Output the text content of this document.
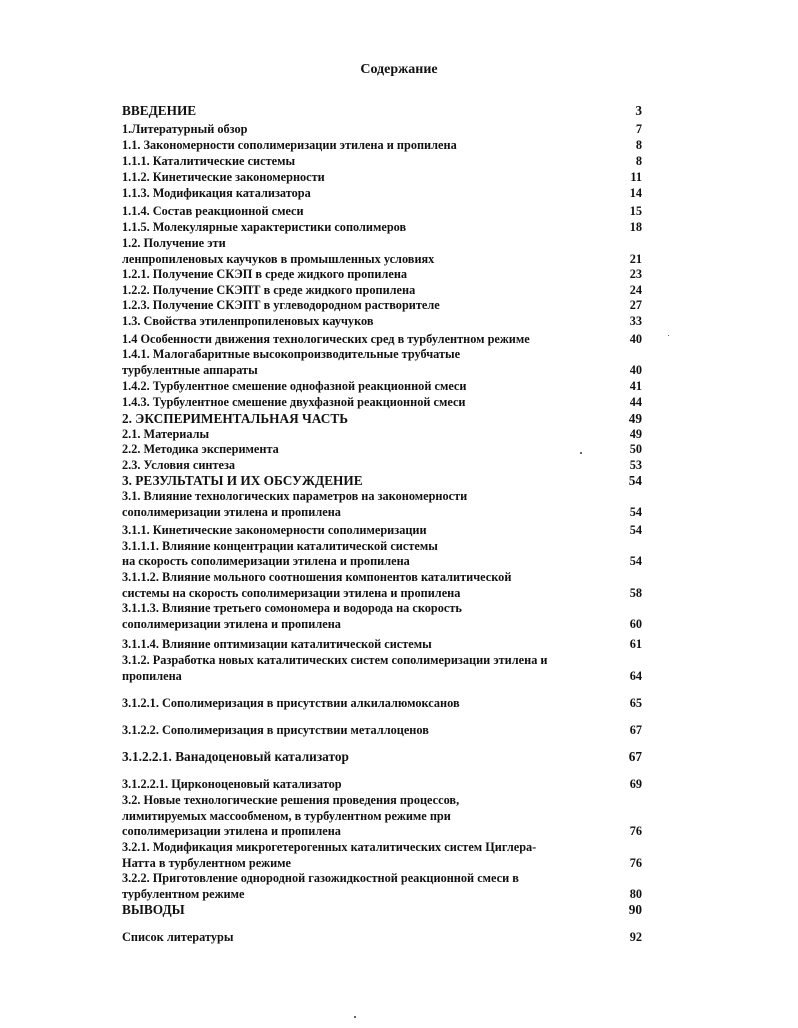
Содержание
ВВЕДЕНИЕ	3
1.Литературный обзор	7
1.1. Закономерности сополимеризации этилена и пропилена	8
1.1.1. Каталитические системы	8
1.1.2. Кинетические закономерности	11
1.1.3. Модификация катализатора	14
1.1.4. Состав реакционной смеси	15
1.1.5. Молекулярные характеристики сополимеров	18
1.2. Получение эти
ленпропиленовых каучуков в промышленных условиях	21
1.2.1. Получение СКЭП в среде жидкого пропилена	23
1.2.2. Получение СКЭПТ в среде жидкого пропилена	24
1.2.3. Получение СКЭПТ в углеводородном растворителе	27
1.3. Свойства этиленпропиленовых каучуков	33
1.4 Особенности движения технологических сред в турбулентном режиме	40
1.4.1. Малогабаритные высокопроизводительные трубчатые
турбулентные аппараты	40
1.4.2. Турбулентное смешение однофазной реакционной смеси	41
1.4.3. Турбулентное смешение двухфазной реакционной смеси	44
2. ЭКСПЕРИМЕНТАЛЬНАЯ ЧАСТЬ	49
2.1. Материалы	49
2.2. Методика эксперимента	50
2.3. Условия синтеза	53
3. РЕЗУЛЬТАТЫ И ИХ ОБСУЖДЕНИЕ	54
3.1. Влияние технологических параметров на закономерности
сополимеризации этилена и пропилена	54
3.1.1. Кинетические закономерности сополимеризации	54
3.1.1.1. Влияние концентрации каталитической системы
на скорость сополимеризации этилена и пропилена	54
3.1.1.2. Влияние мольного соотношения компонентов каталитической
системы на скорость сополимеризации этилена и пропилена	58
3.1.1.3. Влияние третьего сомономера и водорода на скорость
сополимеризации этилена и пропилена	60
3.1.1.4. Влияние оптимизации каталитической системы	61
3.1.2. Разработка новых каталитических систем сополимеризации этилена и
пропилена	64
3.1.2.1. Сополимеризация в присутствии алкилалюмоксанов	65
3.1.2.2. Сополимеризация в присутствии металлоценов	67
3.1.2.2.1. Ванадоценовый катализатор	67
3.1.2.2.1. Цирконоценовый катализатор	69
3.2. Новые технологические решения проведения процессов,
лимитируемых массообменом, в турбулентном режиме при
сополимеризации этилена и пропилена	76
3.2.1. Модификация микрогетерогенных каталитических систем Циглера-
Натта в турбулентном режиме	76
3.2.2. Приготовление однородной газожидкостной реакционной смеси в
турбулентном режиме	80
ВЫВОДЫ	90
Список литературы	92
